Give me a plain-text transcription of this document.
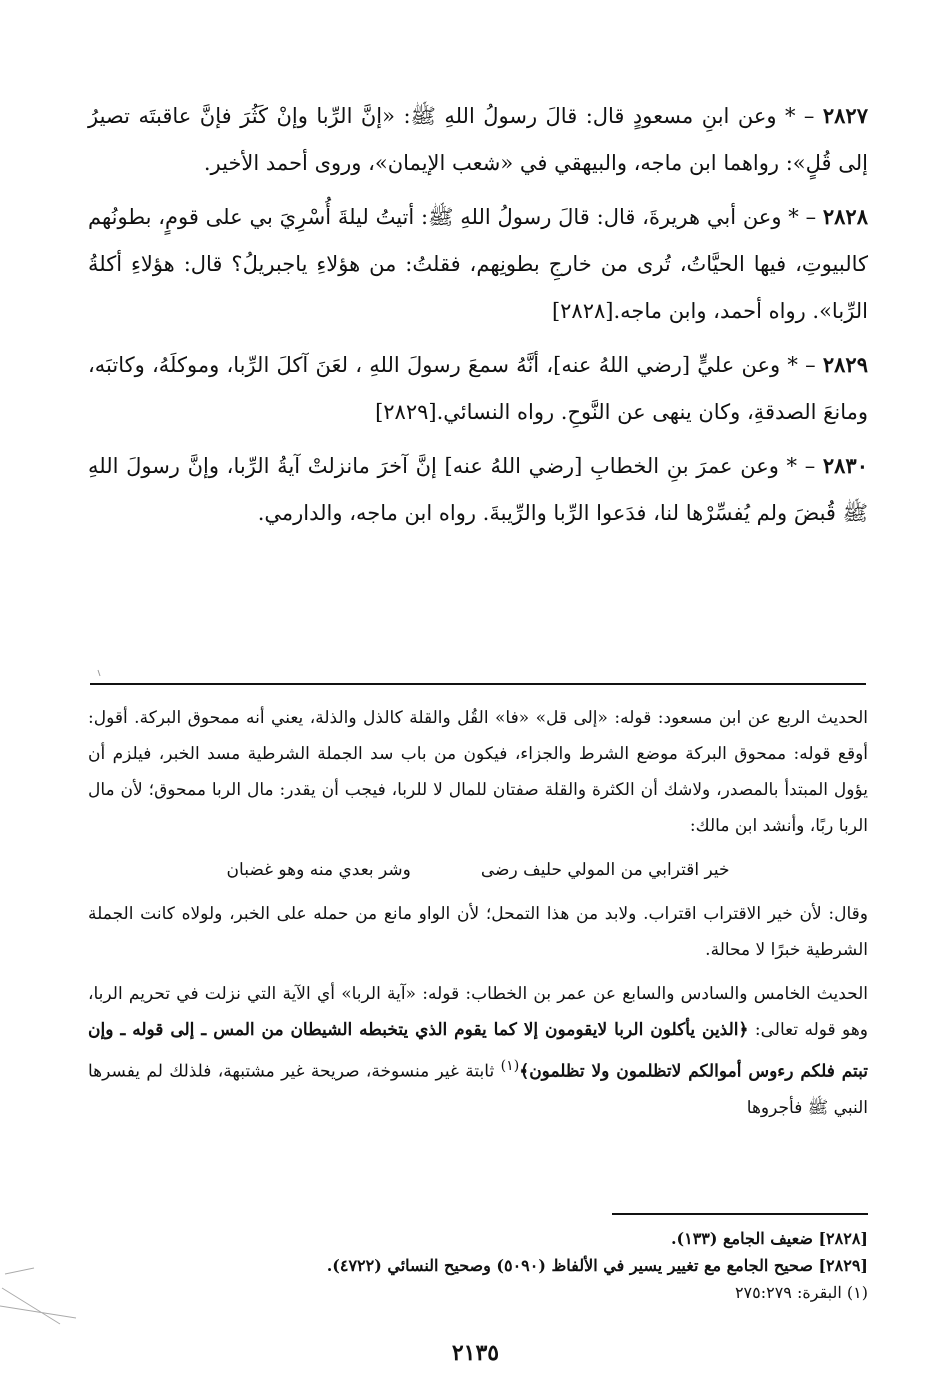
٢٨٢٧ – * وعن ابنِ مسعودٍ قال: قالَ رسولُ اللهِ ﷺ: «إنَّ الرِّبا وإنْ كَثُرَ فإنَّ عاقبتَه تصيرُ إلى قُلٍ»: رواهما ابن ماجه، والبيهقي في «شعب الإيمان»، وروى أحمد الأخير.

٢٨٢٨ – * وعن أبي هريرةَ، قال: قالَ رسولُ اللهِ ﷺ: أتيتُ ليلةَ أُسْرِيَ بي على قومٍ، بطونُهم كالبيوتِ، فيها الحيَّاتُ، تُرى من خارجِ بطونِهم، فقلتُ: من هؤلاءِ ياجبريلُ؟ قال: هؤلاءِ أكلةُ الرِّبا». رواه أحمد، وابن ماجه.[٢٨٢٨]

٢٨٢٩ – * وعن عليٍّ [رضي اللهُ عنه]، أنَّهُ سمعَ رسولَ اللهِ ، لعَنَ آكلَ الرِّبا، وموكلَهُ، وكاتبَه، ومانعَ الصدقةِ، وكان ينهى عن النَّوحِ. رواه النسائي.[٢٨٢٩]

٢٨٣٠ – * وعن عمرَ بنِ الخطابِ [رضي اللهُ عنه] إنَّ آخرَ مانزلتْ آيةُ الرِّبا، وإنَّ رسولَ اللهِ ﷺ قُبضَ ولم يُفسِّرْها لنا، فدَعوا الرِّبا والرِّيبةَ. رواه ابن ماجه، والدارمي.

الحديث الربع عن ابن مسعود: قوله: «إلى قل» «فا» القُل والقلة كالذل والذلة، يعني أنه ممحوق البركة. أقول: أوقع قوله: ممحوق البركة موضع الشرط والجزاء، فيكون من باب سد الجملة الشرطية مسد الخبر، فيلزم أن يؤول المبتدأ بالمصدر، ولاشك أن الكثرة والقلة صفتان للمال لا للربا، فيجب أن يقدر: مال الربا ممحوق؛ لأن مال الربا ربًا، وأنشد ابن مالك:

خير اقترابي من المولي حليف رضى
وشر بعدي منه وهو غضبان

وقال: لأن خير الاقتراب اقتراب. ولابد من هذا التمحل؛ لأن الواو مانع من حمله على الخبر، ولولاه كانت الجملة الشرطية خبرًا لا محالة.

الحديث الخامس والسادس والسابع عن عمر بن الخطاب: قوله: «آية الربا» أي الآية التي نزلت في تحريم الربا، وهو قوله تعالى: ﴿الذين يأكلون الربا لايقومون إلا كما يقوم الذي يتخبطه الشيطان من المس ـ إلى قوله ـ وإن تبتم فلكم رءوس أموالكم لاتظلمون ولا تظلمون﴾$^{(١)}$ ثابتة غير منسوخة، صريحة غير مشتبهة، فلذلك لم يفسرها النبي ﷺ فأجروها

[٢٨٢٨] ضعيف الجامع (١٣٣).
[٢٨٢٩] صحيح الجامع مع تغيير يسير في الألفاظ (٥٠٩٠) وصحيح النسائي (٤٧٢٢).
(١) البقرة: ٢٧٥:٢٧٩
٢١٣٥
